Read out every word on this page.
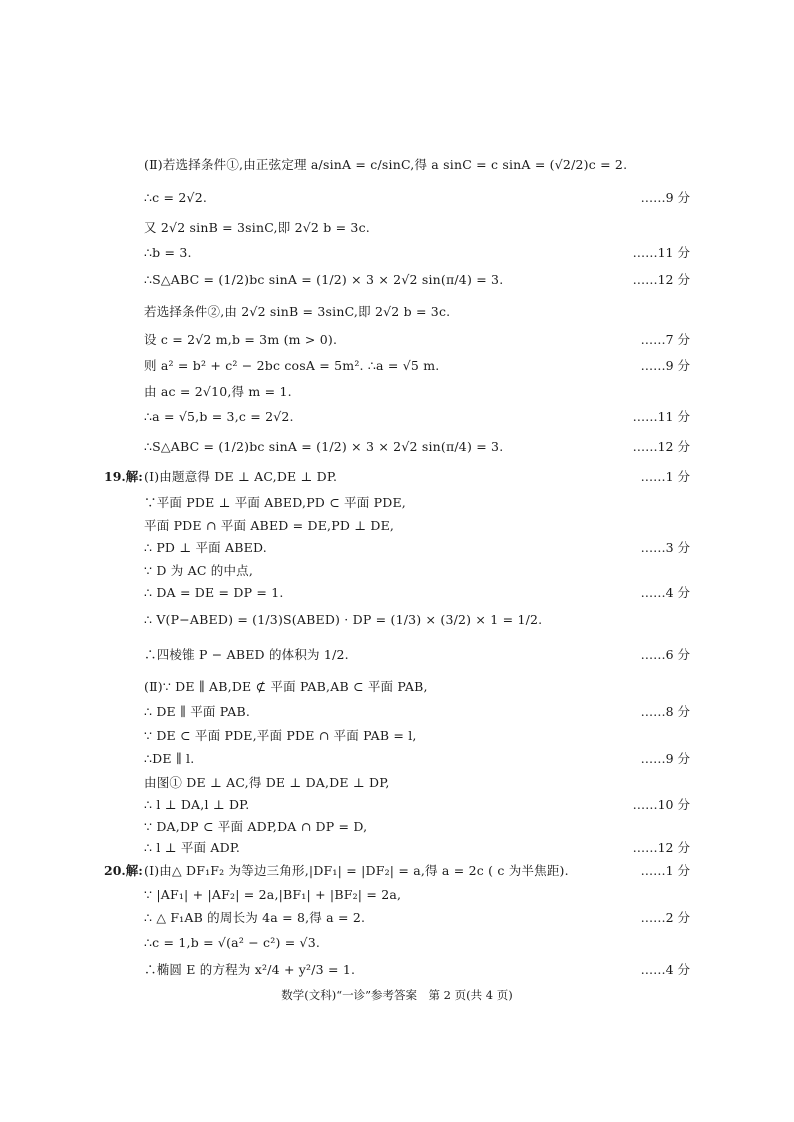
(Ⅱ)若选择条件①,由正弦定理 a/sinA = c/sinC,得 a sinC = c sinA = (√2/2)c = 2.
∴c = 2√2.	……9 分
又 2√2 sinB = 3sinC,即 2√2 b = 3c.
∴b = 3.	……11 分
∴S△ABC = (1/2)bc sinA = (1/2) × 3 × 2√2 sin(π/4) = 3.	……12 分
若选择条件②,由 2√2 sinB = 3sinC,即 2√2 b = 3c.
设 c = 2√2 m,b = 3m (m > 0).	……7 分
则 a² = b² + c² − 2bc cosA = 5m². ∴a = √5 m.	……9 分
由 ac = 2√10,得 m = 1.
∴a = √5,b = 3,c = 2√2.	……11 分
∴S△ABC = (1/2)bc sinA = (1/2) × 3 × 2√2 sin(π/4) = 3.	……12 分
19.解: (Ⅰ)由题意得 DE ⊥ AC,DE ⊥ DP.	……1 分
∵平面 PDE ⊥ 平面 ABED,PD ⊂ 平面 PDE,
平面 PDE ∩ 平面 ABED = DE,PD ⊥ DE,
∴ PD ⊥ 平面 ABED.	……3 分
∵ D 为 AC 的中点,
∴ DA = DE = DP = 1.	……4 分
∴ V(P−ABED) = (1/3)S(ABED) · DP = (1/3) × (3/2) × 1 = 1/2.
∴四棱锥 P − ABED 的体积为 1/2.	……6 分
(Ⅱ)∵ DE ∥ AB,DE ⊄ 平面 PAB,AB ⊂ 平面 PAB,
∴ DE ∥ 平面 PAB.	……8 分
∵ DE ⊂ 平面 PDE,平面 PDE ∩ 平面 PAB = l,
∴DE ∥ l.	……9 分
由图① DE ⊥ AC,得 DE ⊥ DA,DE ⊥ DP,
∴ l ⊥ DA,l ⊥ DP.	……10 分
∵ DA,DP ⊂ 平面 ADP,DA ∩ DP = D,
∴ l ⊥ 平面 ADP.	……12 分
20.解: (Ⅰ)由△ DF₁F₂ 为等边三角形,|DF₁| = |DF₂| = a,得 a = 2c ( c 为半焦距).	……1 分
∵ |AF₁| + |AF₂| = 2a,|BF₁| + |BF₂| = 2a,
∴ △ F₁AB 的周长为 4a = 8,得 a = 2.	……2 分
∴c = 1,b = √(a² − c²) = √3.
∴椭圆 E 的方程为 x²/4 + y²/3 = 1.	……4 分
数学(文科)“一诊”参考答案　第 2 页(共 4 页)
